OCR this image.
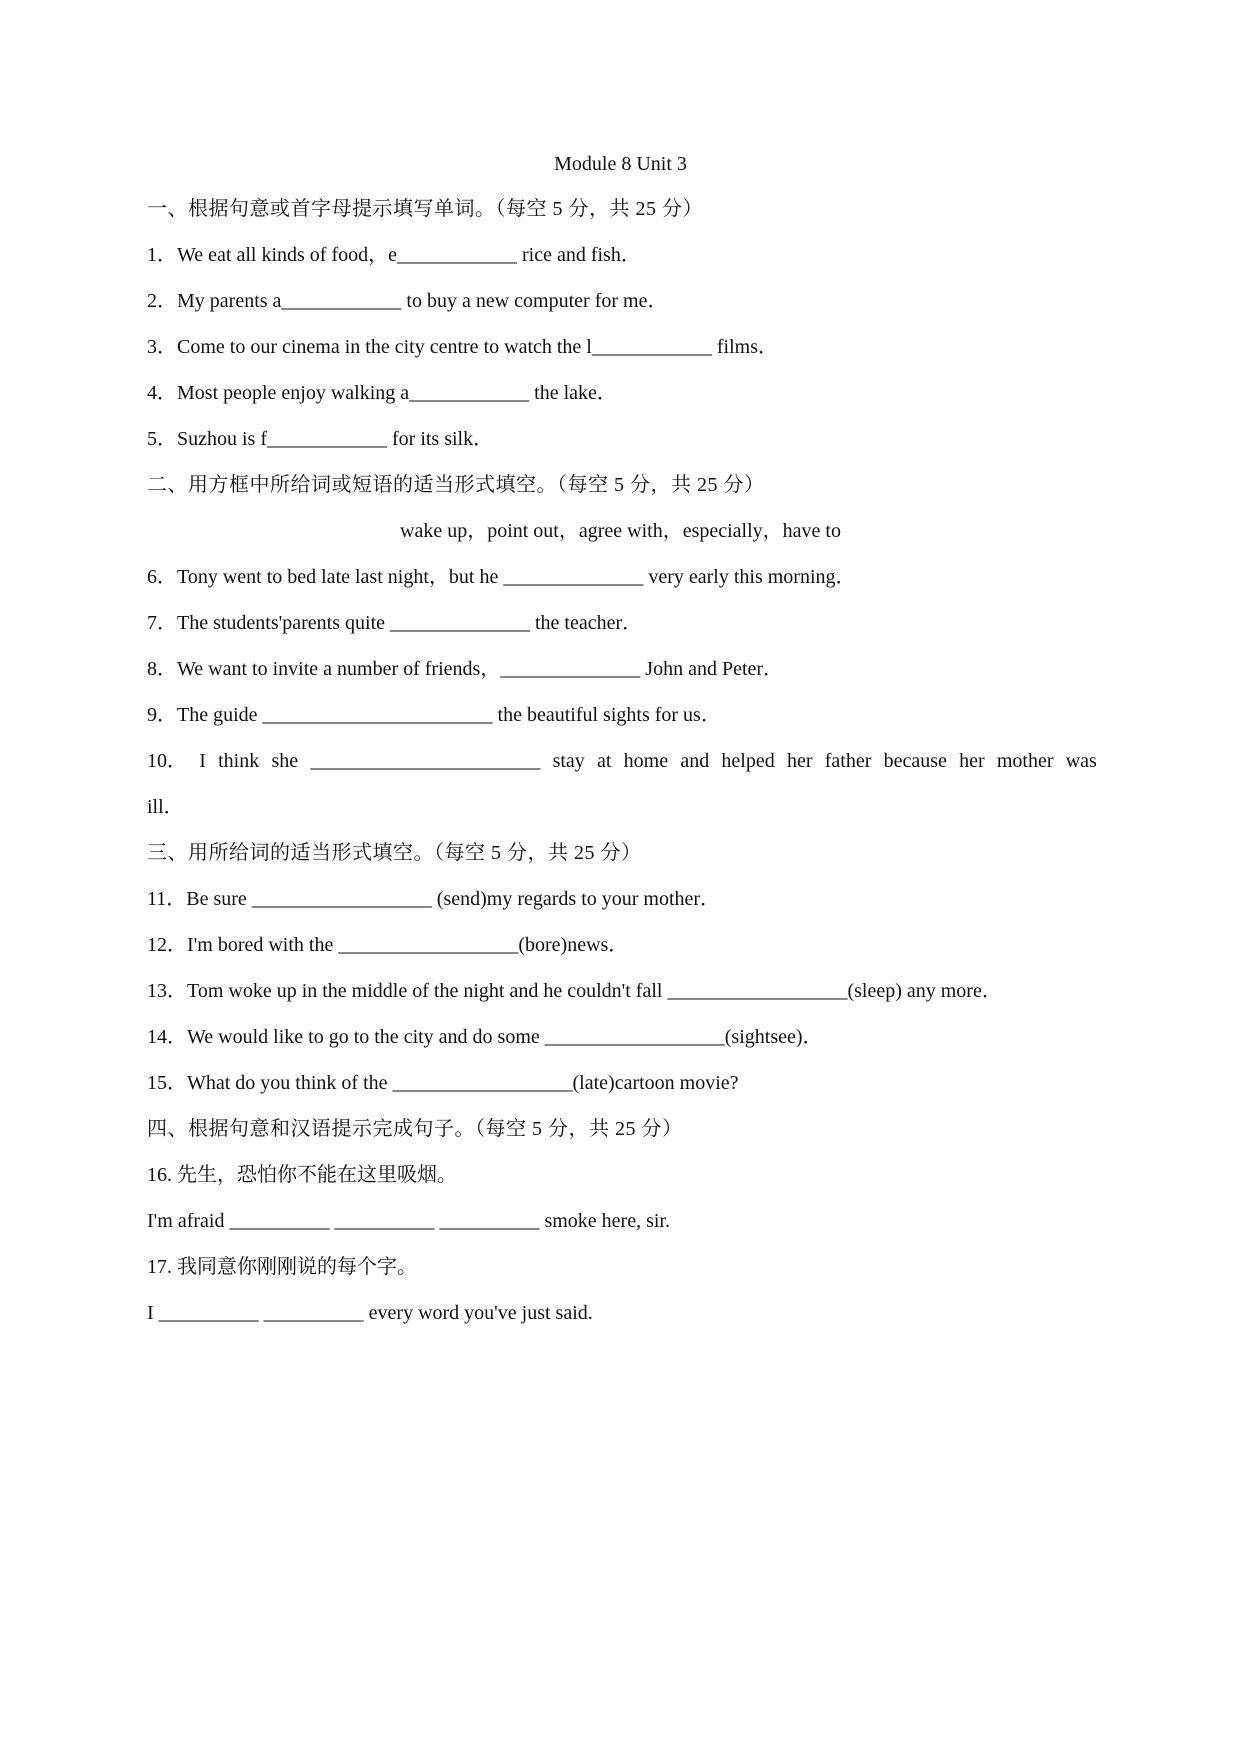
Module 8 Unit 3
一、根据句意或首字母提示填写单词。（每空 5 分，共 25 分）
1．We eat all kinds of food，e____________ rice and fish．
2．My parents a____________ to buy a new computer for me．
3．Come to our cinema in the city centre to watch the l____________ films．
4．Most people enjoy walking a____________ the lake．
5．Suzhou is f____________ for its silk．
二、用方框中所给词或短语的适当形式填空。（每空 5 分，共 25 分）
wake up，point out，agree with，especially，have to
6．Tony went to bed late last night，but he ______________ very early this morning．
7．The students'parents quite ______________ the teacher．
8．We want to invite a number of friends，______________ John and Peter．
9．The guide _______________________ the beautiful sights for us．
10． I think she _______________________ stay at home and helped her father because her mother was
ill．
三、用所给词的适当形式填空。（每空 5 分，共 25 分）
11．Be sure __________________ (send)my regards to your mother．
12．I'm bored with the __________________(bore)news．
13．Tom woke up in the middle of the night and he couldn't fall __________________(sleep) any more．
14．We would like to go to the city and do some __________________(sightsee)．
15．What do you think of the __________________(late)cartoon movie?
四、根据句意和汉语提示完成句子。（每空 5 分，共 25 分）
16. 先生，恐怕你不能在这里吸烟。
I'm afraid __________ __________ __________ smoke here, sir.
17. 我同意你刚刚说的每个字。
I __________ __________ every word you've just said.
